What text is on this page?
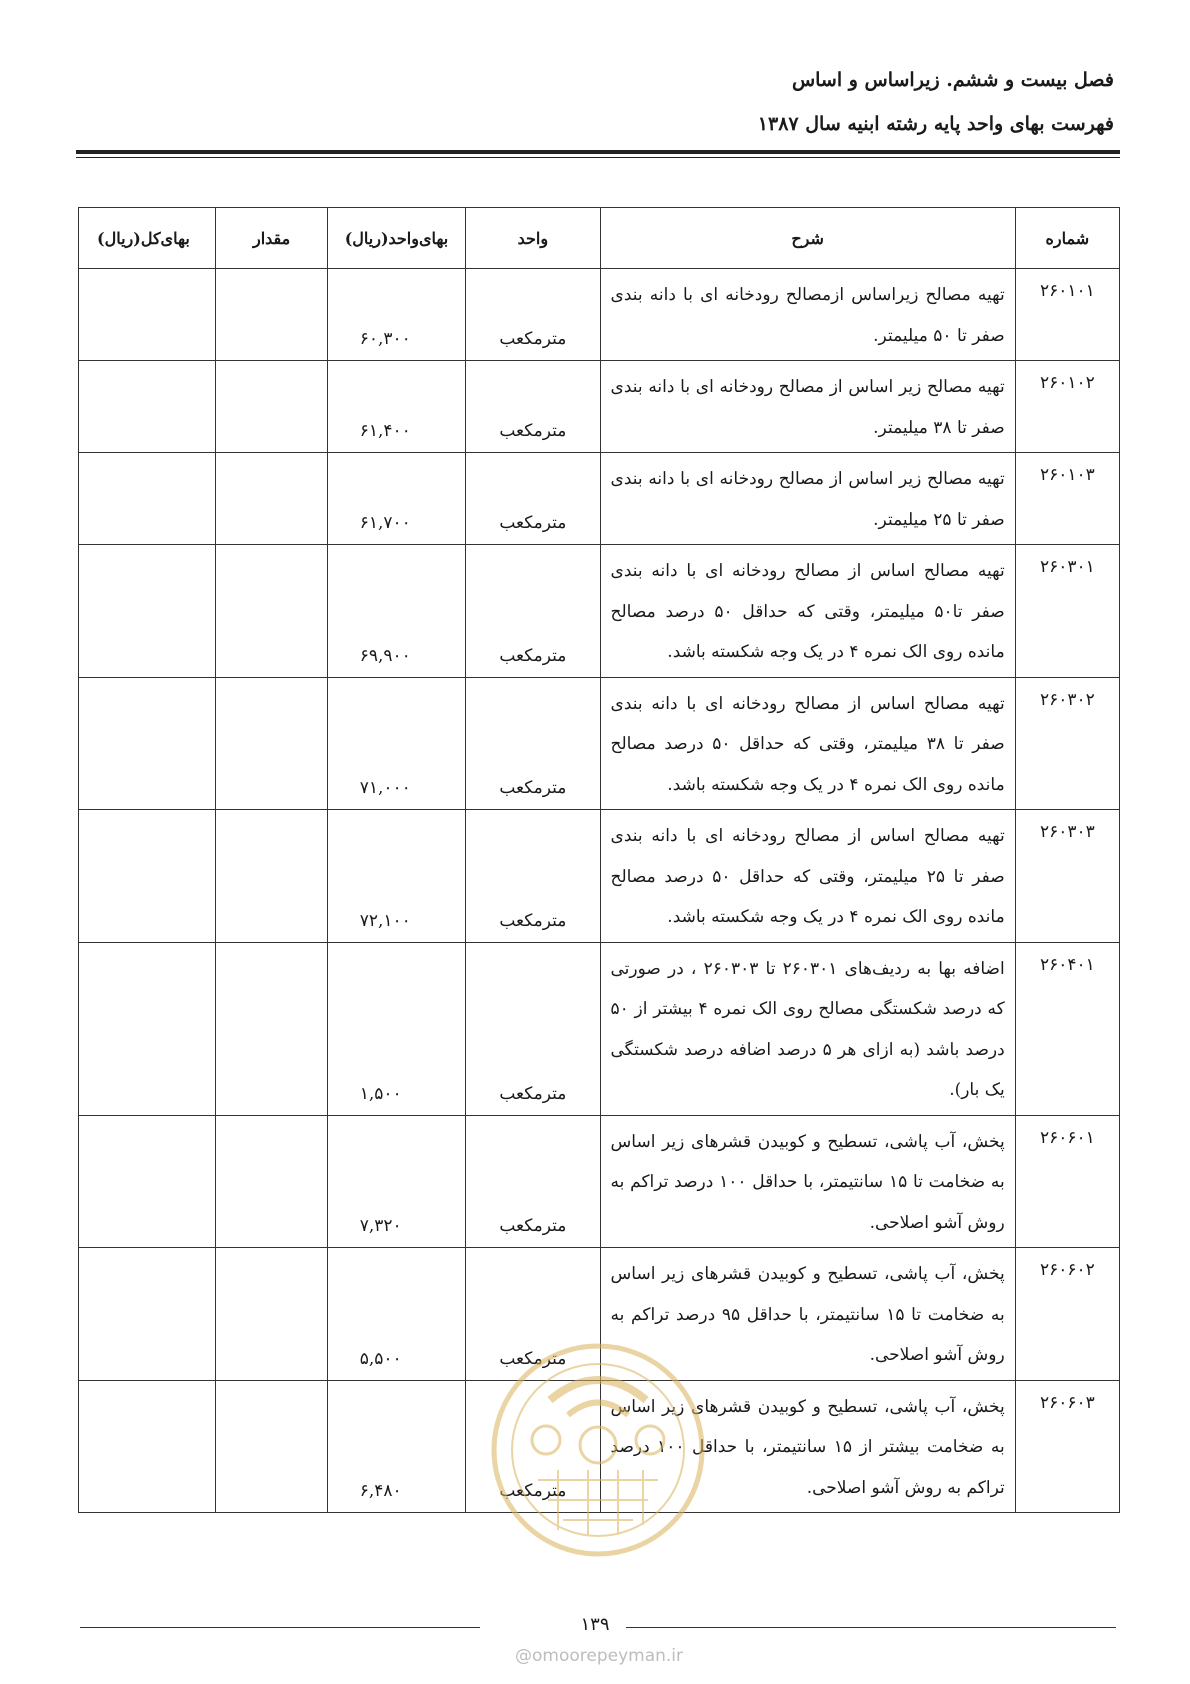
فصل بیست و ششم. زیراساس و اساس
فهرست بهای واحد پایه رشته ابنیه سال ۱۳۸۷
شماره	شرح	واحد	بهای‌واحد(ریال)	مقدار	بهای‌کل(ریال)
۲۶۰۱۰۱	تهیه مصالح زیراساس ازمصالح رودخانه ای با دانه بندی صفر تا ۵۰ میلیمتر.	مترمکعب	۶۰,۳۰۰		
۲۶۰۱۰۲	تهیه مصالح زیر اساس از مصالح رودخانه ای با دانه بندی صفر تا ۳۸ میلیمتر.	مترمکعب	۶۱,۴۰۰		
۲۶۰۱۰۳	تهیه مصالح زیر اساس از مصالح رودخانه ای با دانه بندی صفر تا ۲۵ میلیمتر.	مترمکعب	۶۱,۷۰۰		
۲۶۰۳۰۱	تهیه مصالح اساس از مصالح رودخانه ای با دانه بندی صفر تا۵۰ میلیمتر، وقتی که حداقل ۵۰ درصد مصالح مانده روی الک نمره ۴ در یک وجه شکسته باشد.	مترمکعب	۶۹,۹۰۰		
۲۶۰۳۰۲	تهیه مصالح اساس از مصالح رودخانه ای با دانه بندی صفر تا ۳۸ میلیمتر، وقتی که حداقل ۵۰ درصد مصالح مانده روی الک نمره ۴ در یک وجه شکسته باشد.	مترمکعب	۷۱,۰۰۰		
۲۶۰۳۰۳	تهیه مصالح اساس از مصالح رودخانه ای با دانه بندی صفر تا ۲۵ میلیمتر، وقتی که حداقل ۵۰ درصد مصالح مانده روی الک نمره ۴ در یک وجه شکسته باشد.	مترمکعب	۷۲,۱۰۰		
۲۶۰۴۰۱	اضافه بها به ردیف‌های ۲۶۰۳۰۱ تا ۲۶۰۳۰۳ ، در صورتی که درصد شکستگی مصالح روی الک نمره ۴ بیشتر از ۵۰ درصد باشد (به ازای هر ۵ درصد اضافه درصد شکستگی یک بار).	مترمکعب	۱,۵۰۰		
۲۶۰۶۰۱	پخش، آب پاشی، تسطیح و کوبیدن قشرهای زیر اساس به ضخامت تا ۱۵ سانتیمتر، با حداقل ۱۰۰ درصد تراکم به روش آشو اصلاحی.	مترمکعب	۷,۳۲۰		
۲۶۰۶۰۲	پخش، آب پاشی، تسطیح و کوبیدن قشرهای زیر اساس به ضخامت تا ۱۵ سانتیمتر، با حداقل ۹۵ درصد تراکم به روش آشو اصلاحی.	مترمکعب	۵,۵۰۰		
۲۶۰۶۰۳	پخش، آب پاشی، تسطیح و کوبیدن قشرهای زیر اساس به ضخامت بیشتر از ۱۵ سانتیمتر، با حداقل ۱۰۰ درصد تراکم به روش آشو اصلاحی.	مترمکعب	۶,۴۸۰		
۱۳۹
@omoorepeyman.ir
